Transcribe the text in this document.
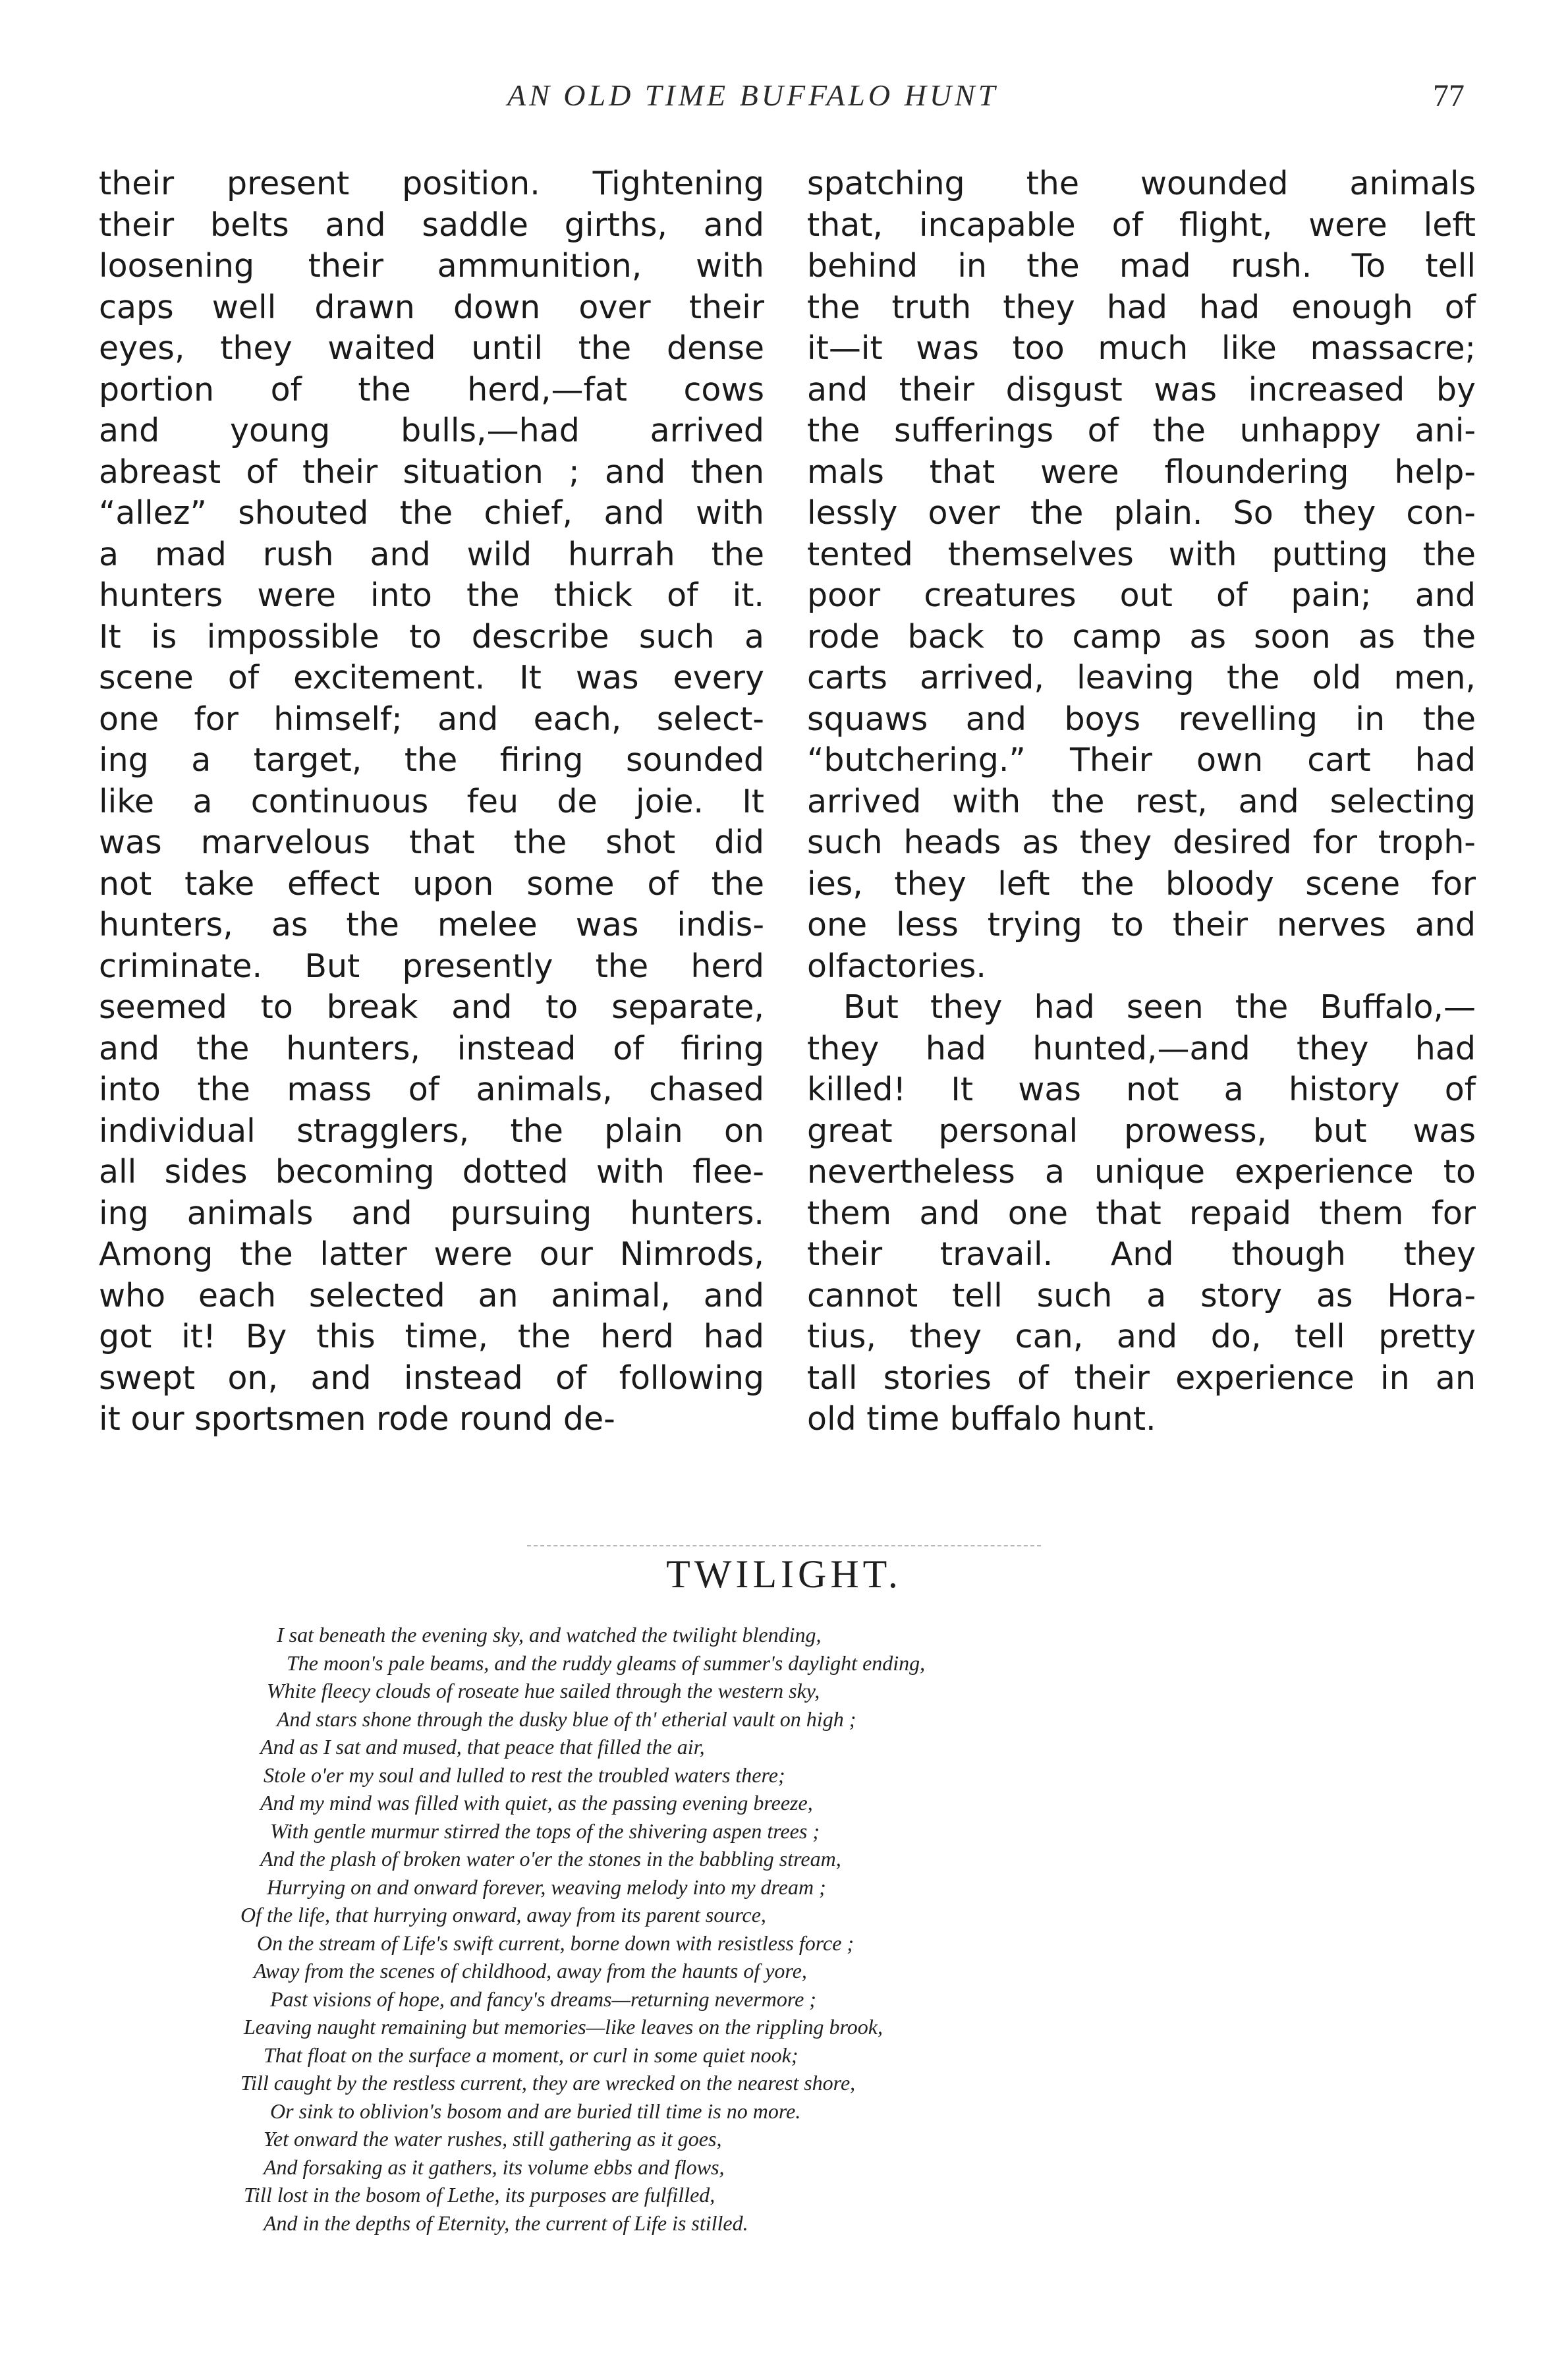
AN OLD TIME BUFFALO HUNT	77
their present position. Tightening
their belts and saddle girths, and
loosening their ammunition, with
caps well drawn down over their
eyes, they waited until the dense
portion of the herd,—fat cows
and young bulls,—had arrived
abreast of their situation ; and then
“allez” shouted the chief, and with
a mad rush and wild hurrah the
hunters were into the thick of it.
It is impossible to describe such a
scene of excitement. It was every
one for himself; and each, select-
ing a target, the firing sounded
like a continuous feu de joie. It
was marvelous that the shot did
not take effect upon some of the
hunters, as the melee was indis-
criminate. But presently the herd
seemed to break and to separate,
and the hunters, instead of firing
into the mass of animals, chased
individual stragglers, the plain on
all sides becoming dotted with flee-
ing animals and pursuing hunters.
Among the latter were our Nimrods,
who each selected an animal, and
got it! By this time, the herd had
swept on, and instead of following
it our sportsmen rode round de-
spatching the wounded animals
that, incapable of flight, were left
behind in the mad rush. To tell
the truth they had had enough of
it—it was too much like massacre;
and their disgust was increased by
the sufferings of the unhappy ani-
mals that were floundering help-
lessly over the plain. So they con-
tented themselves with putting the
poor creatures out of pain; and
rode back to camp as soon as the
carts arrived, leaving the old men,
squaws and boys revelling in the
“butchering.” Their own cart had
arrived with the rest, and selecting
such heads as they desired for troph-
ies, they left the bloody scene for
one less trying to their nerves and
olfactories.
But they had seen the Buffalo,—
they had hunted,—and they had
killed! It was not a history of
great personal prowess, but was
nevertheless a unique experience to
them and one that repaid them for
their travail. And though they
cannot tell such a story as Hora-
tius, they can, and do, tell pretty
tall stories of their experience in an
old time buffalo hunt.
TWILIGHT.
I sat beneath the evening sky, and watched the twilight blending,
The moon's pale beams, and the ruddy gleams of summer's daylight ending,
White fleecy clouds of roseate hue sailed through the western sky,
And stars shone through the dusky blue of th' etherial vault on high ;
And as I sat and mused, that peace that filled the air,
Stole o'er my soul and lulled to rest the troubled waters there;
And my mind was filled with quiet, as the passing evening breeze,
With gentle murmur stirred the tops of the shivering aspen trees ;
And the plash of broken water o'er the stones in the babbling stream,
Hurrying on and onward forever, weaving melody into my dream ;
Of the life, that hurrying onward, away from its parent source,
On the stream of Life's swift current, borne down with resistless force ;
Away from the scenes of childhood, away from the haunts of yore,
Past visions of hope, and fancy's dreams—returning nevermore ;
Leaving naught remaining but memories—like leaves on the rippling brook,
That float on the surface a moment, or curl in some quiet nook;
Till caught by the restless current, they are wrecked on the nearest shore,
Or sink to oblivion's bosom and are buried till time is no more.
Yet onward the water rushes, still gathering as it goes,
And forsaking as it gathers, its volume ebbs and flows,
Till lost in the bosom of Lethe, its purposes are fulfilled,
And in the depths of Eternity, the current of Life is stilled.
